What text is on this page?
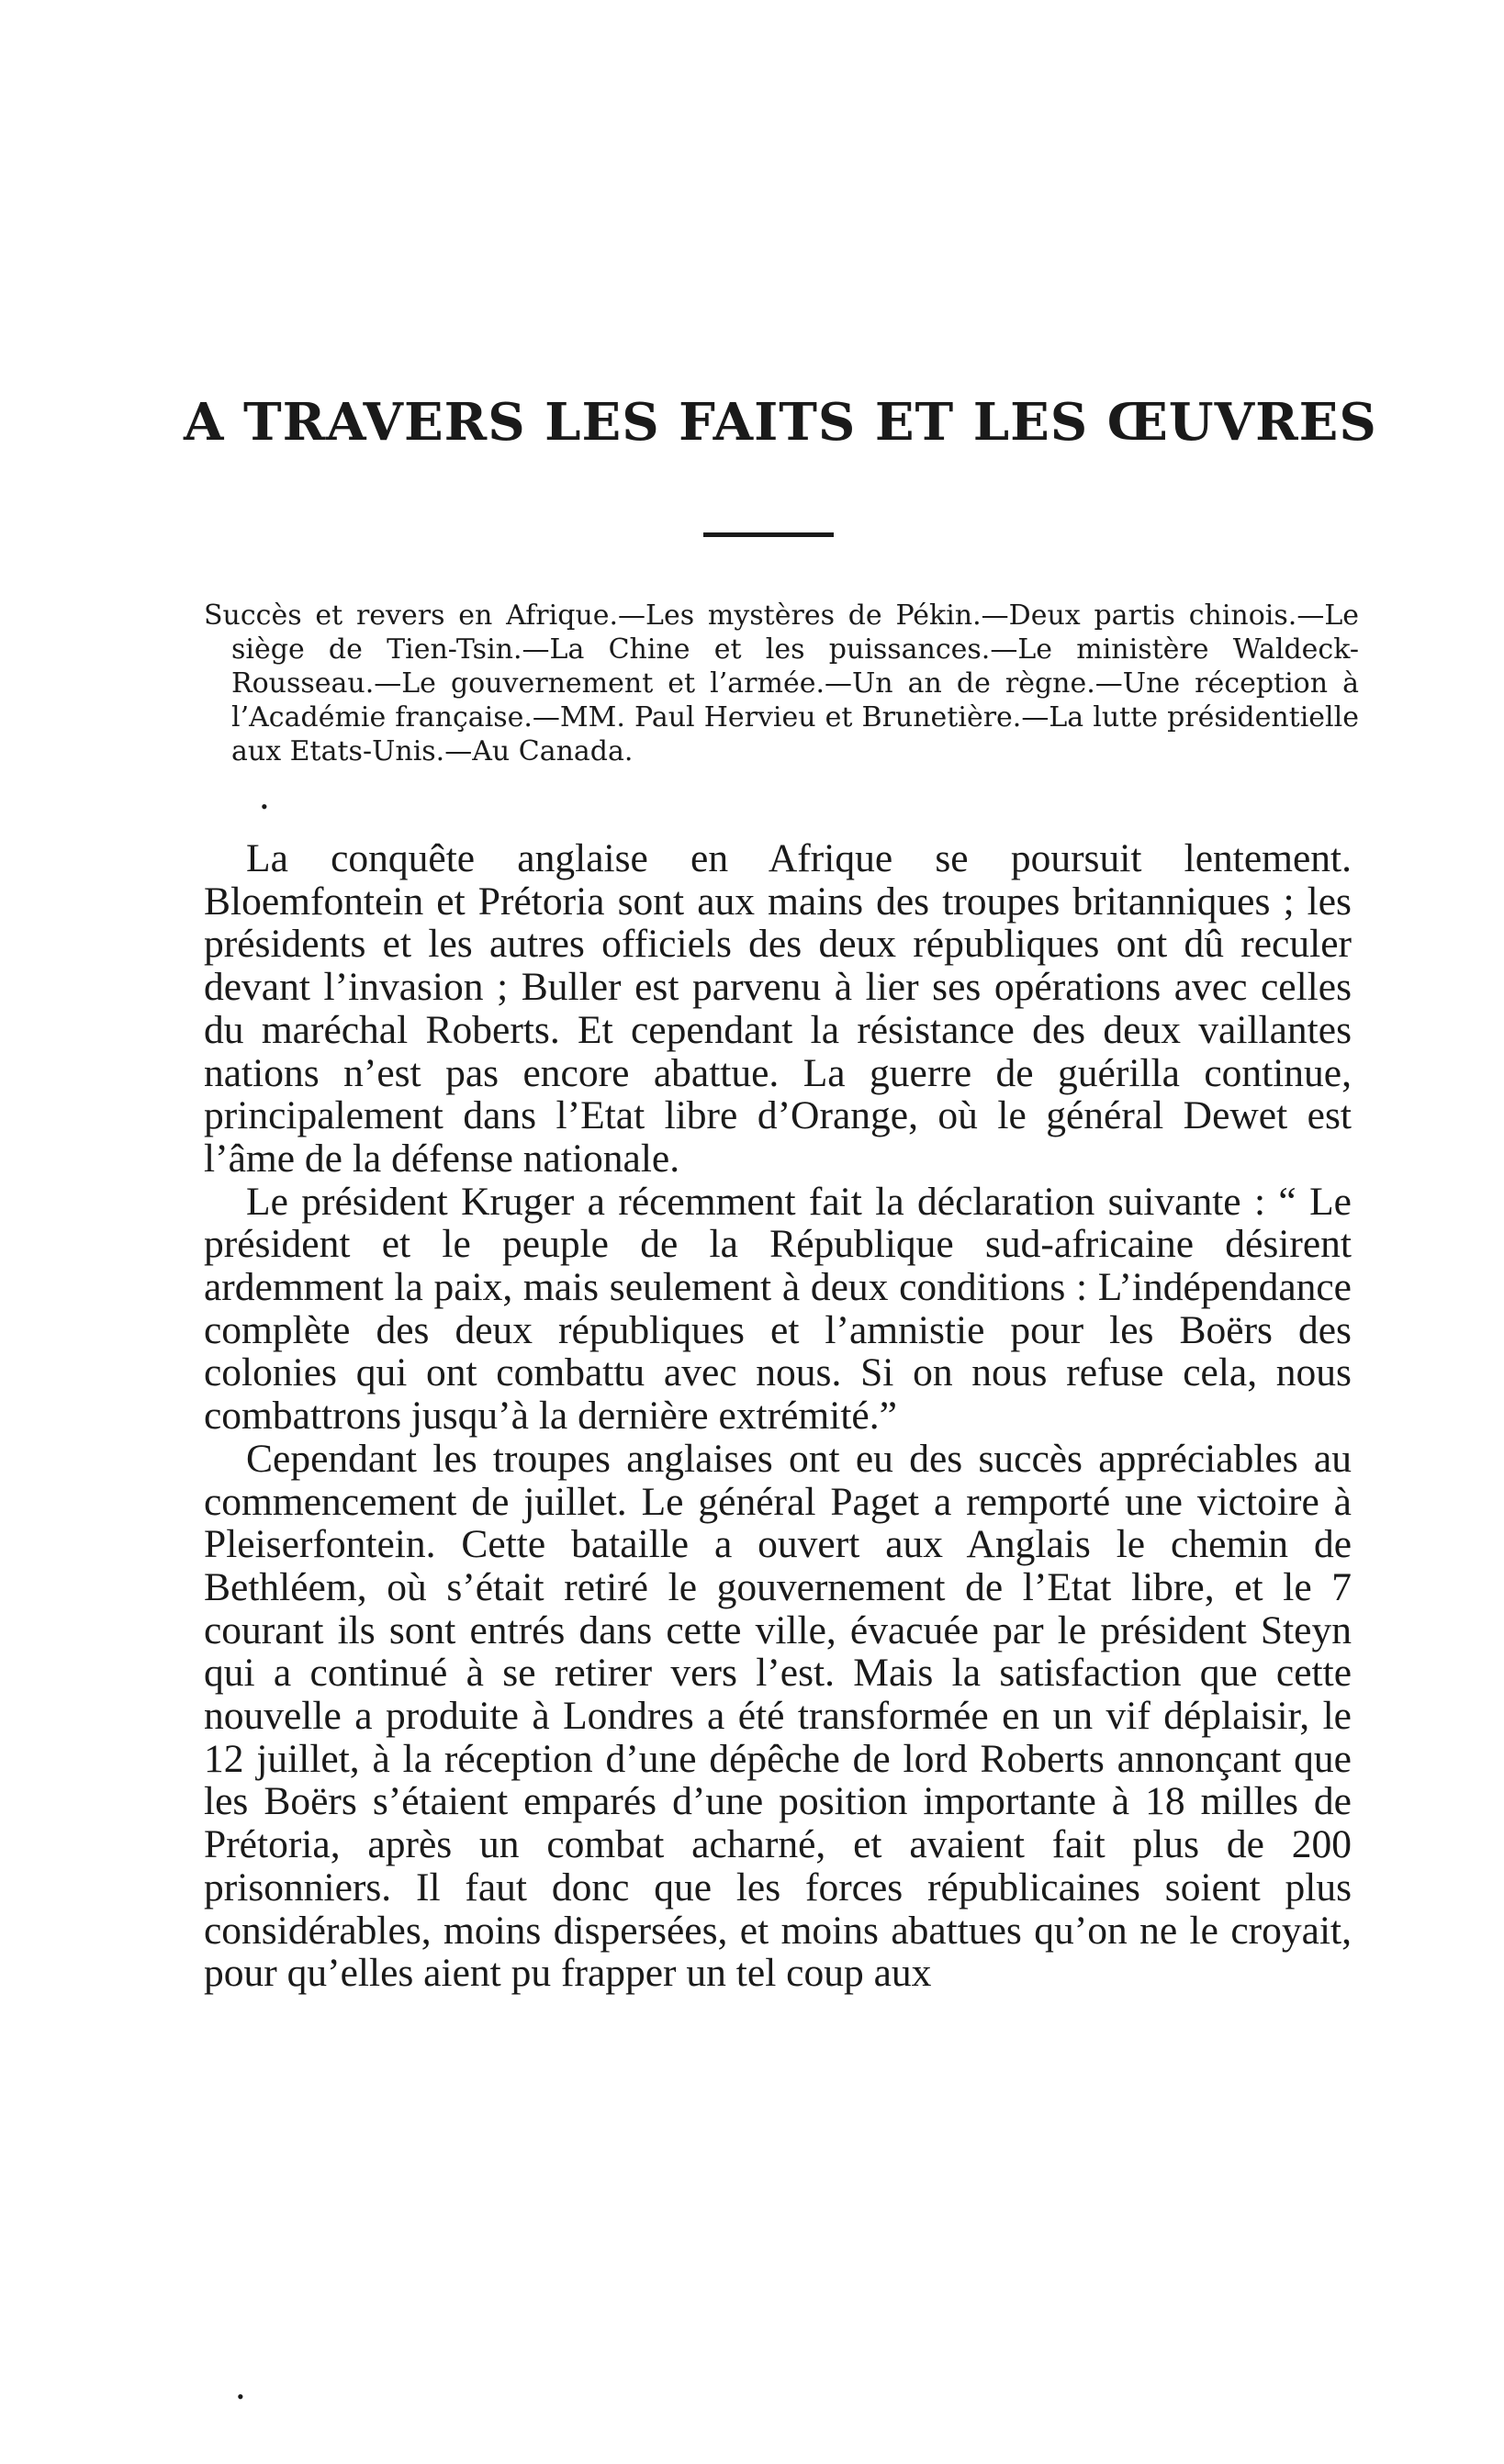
A TRAVERS LES FAITS ET LES ŒUVRES
Succès et revers en Afrique.—Les mystères de Pékin.—Deux partis chinois.—Le siège de Tien-Tsin.—La Chine et les puissances.—Le ministère Waldeck-Rousseau.—Le gouvernement et l’armée.—Un an de règne.—Une réception à l’Académie française.—MM. Paul Hervieu et Brunetière.—La lutte présidentielle aux Etats-Unis.—Au Canada.
•

La conquête anglaise en Afrique se poursuit lentement. Bloemfontein et Prétoria sont aux mains des troupes britanniques ; les présidents et les autres officiels des deux républiques ont dû reculer devant l’invasion ; Buller est parvenu à lier ses opérations avec celles du maréchal Roberts. Et cependant la résistance des deux vaillantes nations n’est pas encore abattue. La guerre de guérilla continue, principalement dans l’Etat libre d’Orange, où le général Dewet est l’âme de la défense nationale.

Le président Kruger a récemment fait la déclaration suivante : “ Le président et le peuple de la République sud-africaine désirent ardemment la paix, mais seulement à deux conditions : L’indépendance complète des deux républiques et l’amnistie pour les Boërs des colonies qui ont combattu avec nous. Si on nous refuse cela, nous combattrons jusqu’à la dernière extrémité.”

Cependant les troupes anglaises ont eu des succès appréciables au commencement de juillet. Le général Paget a remporté une victoire à Pleiserfontein. Cette bataille a ouvert aux Anglais le chemin de Bethléem, où s’était retiré le gouvernement de l’Etat libre, et le 7 courant ils sont entrés dans cette ville, évacuée par le président Steyn qui a continué à se retirer vers l’est. Mais la satisfaction que cette nouvelle a produite à Londres a été transformée en un vif déplaisir, le 12 juillet, à la réception d’une dépêche de lord Roberts annonçant que les Boërs s’étaient emparés d’une position importante à 18 milles de Prétoria, après un combat acharné, et avaient fait plus de 200 prisonniers. Il faut donc que les forces républicaines soient plus considérables, moins dispersées, et moins abattues qu’on ne le croyait, pour qu’elles aient pu frapper un tel coup aux

•
